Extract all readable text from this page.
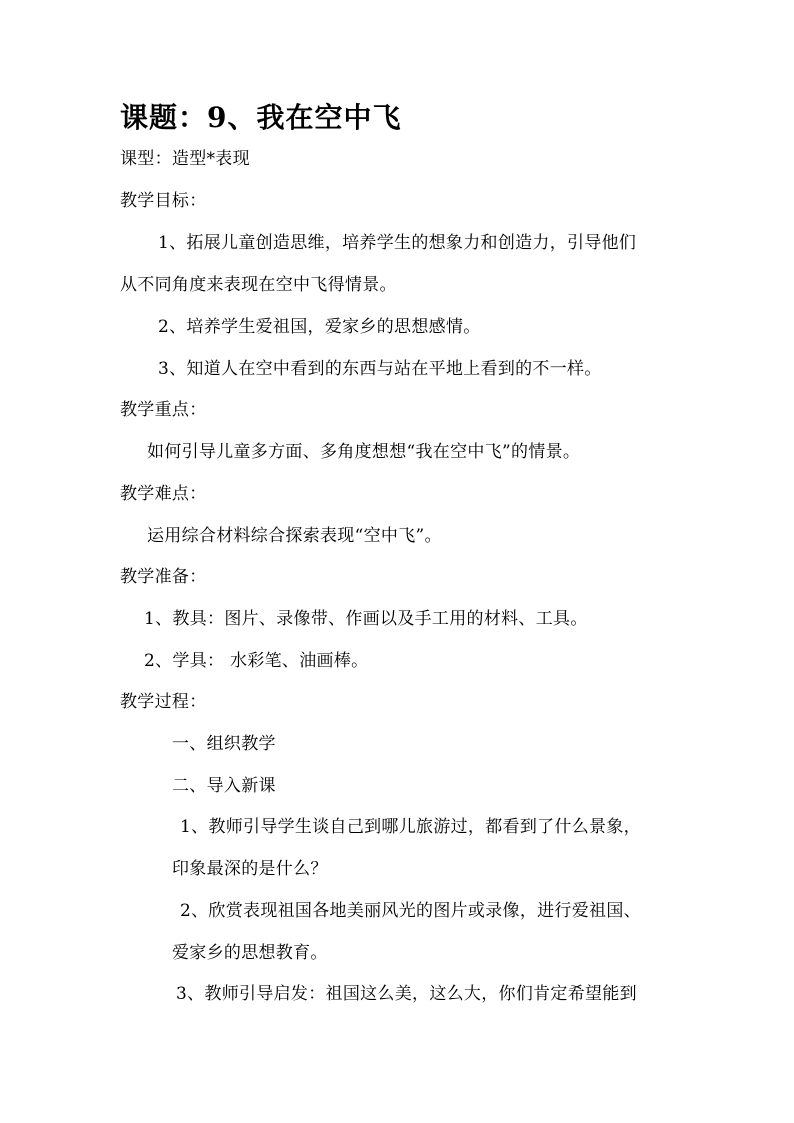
课题：9、我在空中飞
课型：造型*表现
教学目标：
1、拓展儿童创造思维，培养学生的想象力和创造力，引导他们
从不同角度来表现在空中飞得情景。
2、培养学生爱祖国，爱家乡的思想感情。
3、知道人在空中看到的东西与站在平地上看到的不一样。
教学重点：
如何引导儿童多方面、多角度想想“我在空中飞”的情景。
教学难点：
运用综合材料综合探索表现“空中飞”。
教学准备：
1、教具：图片、录像带、作画以及手工用的材料、工具。
2、学具： 水彩笔、油画棒。
教学过程：
一、组织教学
二、导入新课
1、教师引导学生谈自己到哪儿旅游过，都看到了什么景象，
印象最深的是什么？
2、欣赏表现祖国各地美丽风光的图片或录像，进行爱祖国、
爱家乡的思想教育。
3、教师引导启发：祖国这么美，这么大，你们肯定希望能到
